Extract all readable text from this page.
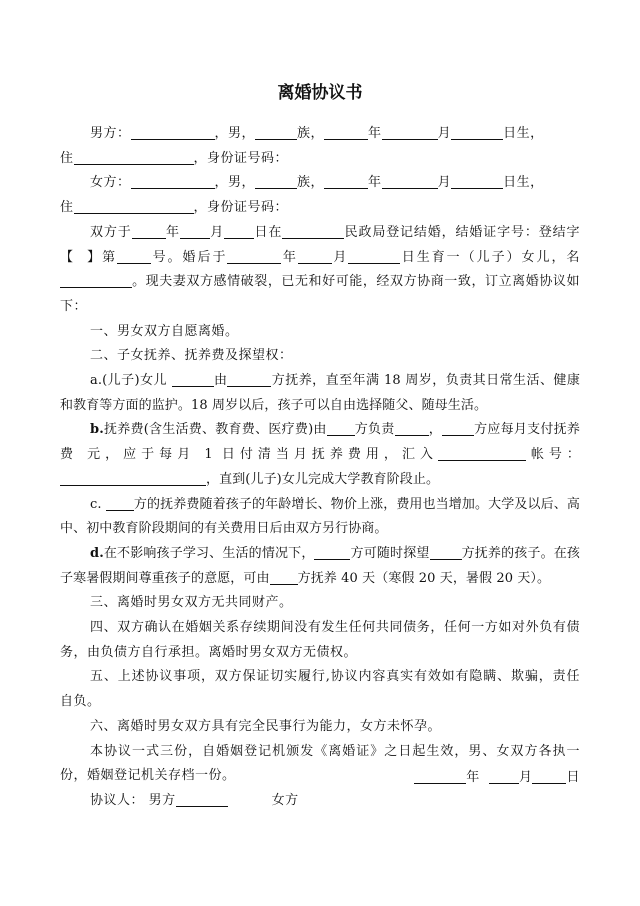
离婚协议书

男方：	，男，	族，	年	月	日生，

住	，身份证号码：

女方：	，男，	族，	年	月	日生，

住	，身份证号码：

双方于	年 月 日在	民政局登记结婚，结婚证字号：登结字【 】第	号。婚后于	年	月	日生育一（儿子）女儿，名。现夫妻双方感情破裂，已无和好可能，经双方协商一致，订立离婚协议如下：

一、男女双方自愿离婚。

二、子女抚养、抚养费及探望权：

a.(儿子)女儿	由	方抚养，直至年满 18 周岁，负责其日常生活、健康和教育等方面的监护。18 周岁以后，孩子可以自由选择随父、随母生活。

b.抚养费(含生活费、教育费、医疗费)由 方负责	， 方应每月支付抚养费 元，应于每月 1 日付清当月抚养费用，汇入	帐号：，直到(儿子)女儿完成大学教育阶段止。

c. 方的抚养费随着孩子的年龄增长、物价上涨，费用也当增加。大学及以后、高中、初中教育阶段期间的有关费用日后由双方另行协商。

d.在不影响孩子学习、生活的情况下，	方可随时探望 方抚养的孩子。在孩子寒暑假期间尊重孩子的意愿，可由 方抚养 40 天（寒假 20 天，暑假 20 天）。

三、离婚时男女双方无共同财产。

四、双方确认在婚姻关系存续期间没有发生任何共同债务，任何一方如对外负有债务，由负债方自行承担。离婚时男女双方无债权。

五、上述协议事项，双方保证切实履行,协议内容真实有效如有隐瞒、欺骗，责任自负。

六、离婚时男女双方具有完全民事行为能力，女方未怀孕。

本协议一式三份，自婚姻登记机颁发《离婚证》之日起生效，男、女双方各执一份，婚姻登记机关存档一份。

协议人： 男方	女方

年	月	日
